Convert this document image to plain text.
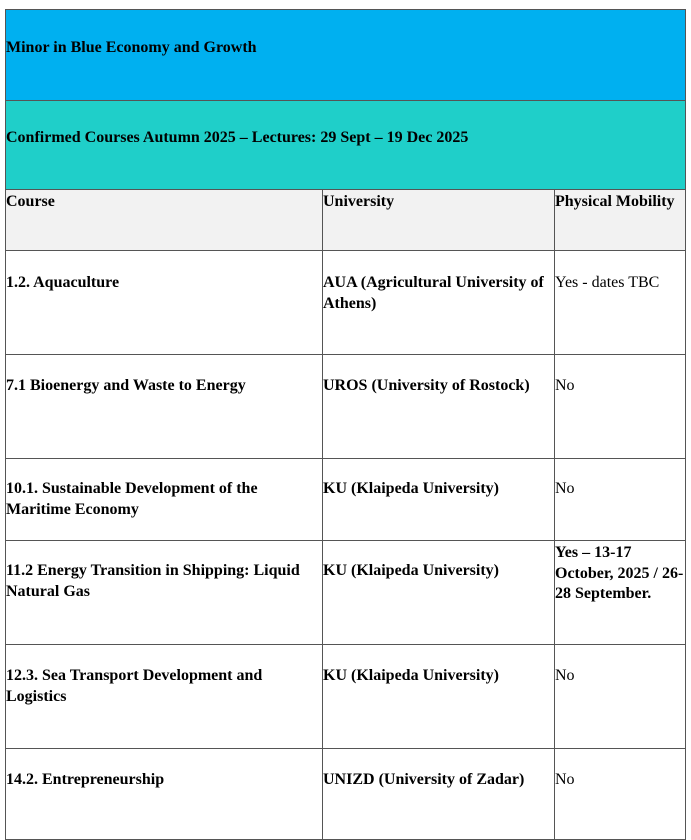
Minor in Blue Economy and Growth		

Confirmed Courses Autumn 2025 – Lectures: 29 Sept – 19 Dec 2025		

Course	University	Physical Mobility

1.2. Aquaculture	AUA (Agricultural University of Athens)	Yes - dates TBC

7.1 Bioenergy and Waste to Energy	UROS (University of Rostock)	No

10.1. Sustainable Development of the Maritime Economy	KU (Klaipeda University)	No

11.2 Energy Transition in Shipping: Liquid Natural Gas	KU (Klaipeda University)	Yes – 13-17 October, 2025 / 26-28 September.

12.3. Sea Transport Development and Logistics	KU (Klaipeda University)	No

14.2. Entrepreneurship	UNIZD (University of Zadar)	No
